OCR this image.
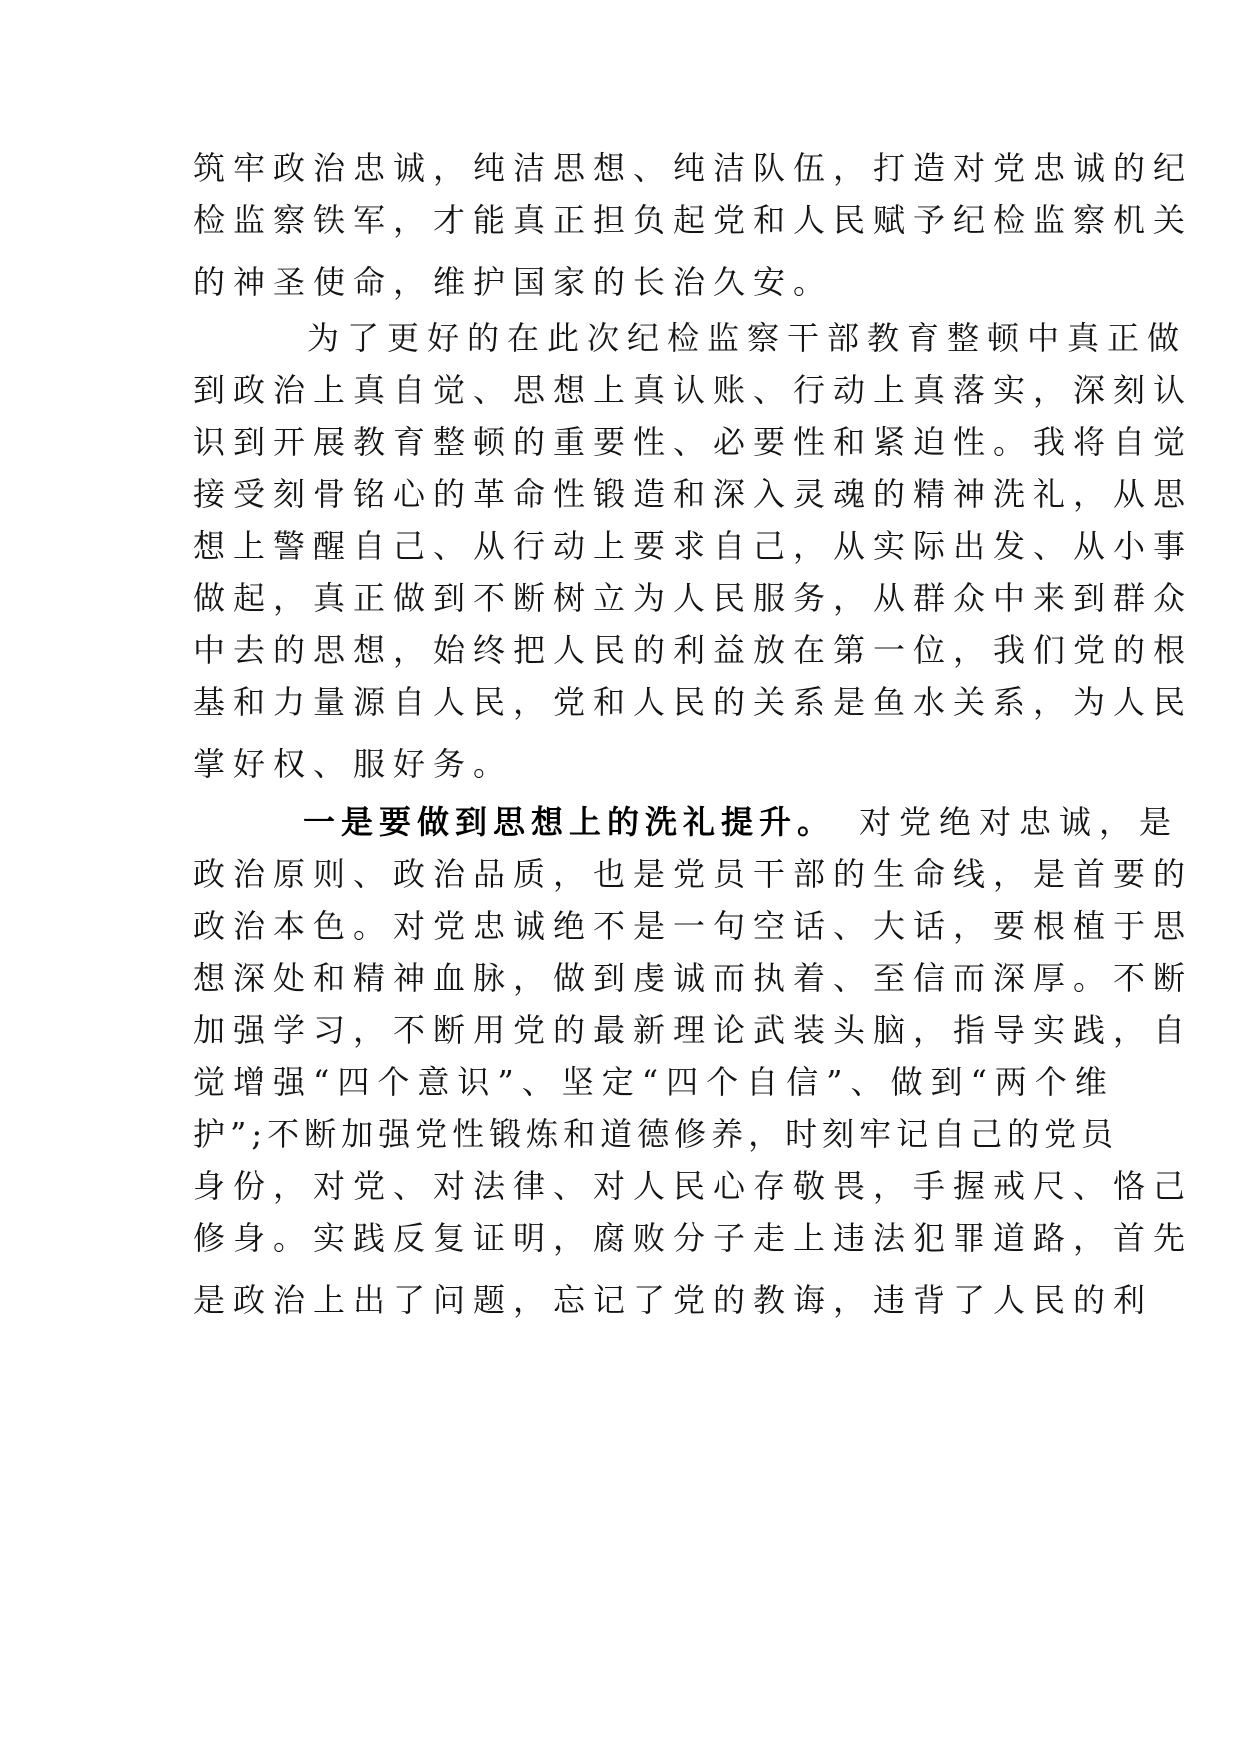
筑牢政治忠诚，纯洁思想、纯洁队伍，打造对党忠诚的纪
检监察铁军，才能真正担负起党和人民赋予纪检监察机关
的神圣使命，维护国家的长治久安。
为了更好的在此次纪检监察干部教育整顿中真正做
到政治上真自觉、思想上真认账、行动上真落实，深刻认
识到开展教育整顿的重要性、必要性和紧迫性。我将自觉
接受刻骨铭心的革命性锻造和深入灵魂的精神洗礼，从思
想上警醒自己、从行动上要求自己，从实际出发、从小事
做起，真正做到不断树立为人民服务，从群众中来到群众
中去的思想，始终把人民的利益放在第一位，我们党的根
基和力量源自人民，党和人民的关系是鱼水关系，为人民
掌好权、服好务。
一是要做到思想上的洗礼提升。 对党绝对忠诚，是
政治原则、政治品质，也是党员干部的生命线，是首要的
政治本色。对党忠诚绝不是一句空话、大话，要根植于思
想深处和精神血脉，做到虔诚而执着、至信而深厚。不断
加强学习，不断用党的最新理论武装头脑，指导实践，自
觉增强“四个意识”、坚定“四个自信”、做到“两个维
护”;不断加强党性锻炼和道德修养，时刻牢记自己的党员
身份，对党、对法律、对人民心存敬畏，手握戒尺、恪己
修身。实践反复证明，腐败分子走上违法犯罪道路，首先
是政治上出了问题，忘记了党的教诲，违背了人民的利
